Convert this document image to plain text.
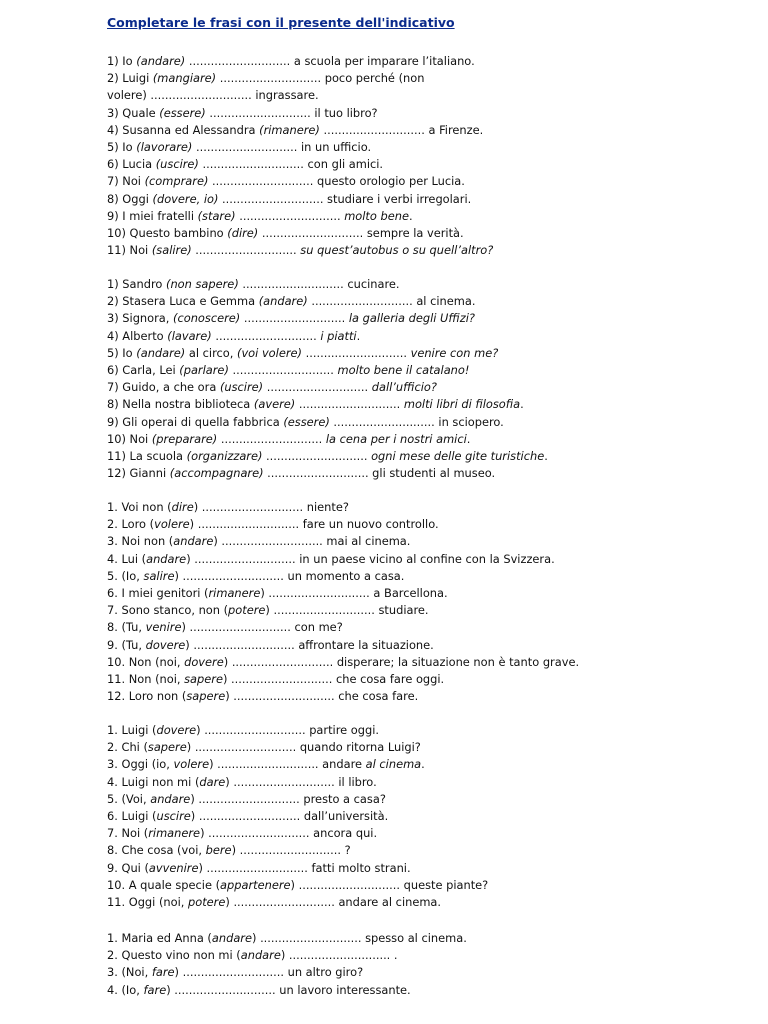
Completare le frasi con il presente dell'indicativo
1) Io (andare) ............................ a scuola per imparare l’italiano.
2) Luigi (mangiare) ............................ poco perché (non
volere) ............................ ingrassare.
3) Quale (essere) ............................ il tuo libro?
4) Susanna ed Alessandra (rimanere) ............................ a Firenze.
5) Io (lavorare) ............................ in un ufficio.
6) Lucia (uscire) ............................ con gli amici.
7) Noi (comprare) ............................ questo orologio per Lucia.
8) Oggi (dovere, io) ............................ studiare i verbi irregolari.
9) I miei fratelli (stare) ............................ molto bene.
10) Questo bambino (dire) ............................ sempre la verità.
11) Noi (salire) ............................ su quest’autobus o su quell’altro?
1) Sandro (non sapere) ............................ cucinare.
2) Stasera Luca e Gemma (andare) ............................ al cinema.
3) Signora, (conoscere) ............................ la galleria degli Uffizi?
4) Alberto (lavare) ............................ i piatti.
5) Io (andare) al circo, (voi volere) ............................ venire con me?
6) Carla, Lei (parlare) ............................ molto bene il catalano!
7) Guido, a che ora (uscire) ............................ dall’ufficio?
8) Nella nostra biblioteca (avere) ............................ molti libri di filosofia.
9) Gli operai di quella fabbrica (essere) ............................ in sciopero.
10) Noi (preparare) ............................ la cena per i nostri amici.
11) La scuola (organizzare) ............................ ogni mese delle gite turistiche.
12) Gianni (accompagnare) ............................ gli studenti al museo.
1. Voi non (dire) ............................ niente?
2. Loro (volere) ............................ fare un nuovo controllo.
3. Noi non (andare) ............................ mai al cinema.
4. Lui (andare) ............................ in un paese vicino al confine con la Svizzera.
5. (Io, salire) ............................ un momento a casa.
6. I miei genitori (rimanere) ............................ a Barcellona.
7. Sono stanco, non (potere) ............................ studiare.
8. (Tu, venire) ............................ con me?
9. (Tu, dovere) ............................ affrontare la situazione.
10. Non (noi, dovere) ............................ disperare; la situazione non è tanto grave.
11. Non (noi, sapere) ............................ che cosa fare oggi.
12. Loro non (sapere) ............................ che cosa fare.
1. Luigi (dovere) ............................ partire oggi.
2. Chi (sapere) ............................ quando ritorna Luigi?
3. Oggi (io, volere) ............................ andare al cinema.
4. Luigi non mi (dare) ............................ il libro.
5. (Voi, andare) ............................ presto a casa?
6. Luigi (uscire) ............................ dall’università.
7. Noi (rimanere) ............................ ancora qui.
8. Che cosa (voi, bere) ............................ ?
9. Qui (avvenire) ............................ fatti molto strani.
10. A quale specie (appartenere) ............................ queste piante?
11. Oggi (noi, potere) ............................ andare al cinema.
1. Maria ed Anna (andare) ............................ spesso al cinema.
2. Questo vino non mi (andare) ............................ .
3. (Noi, fare) ............................ un altro giro?
4. (Io, fare) ............................ un lavoro interessante.
